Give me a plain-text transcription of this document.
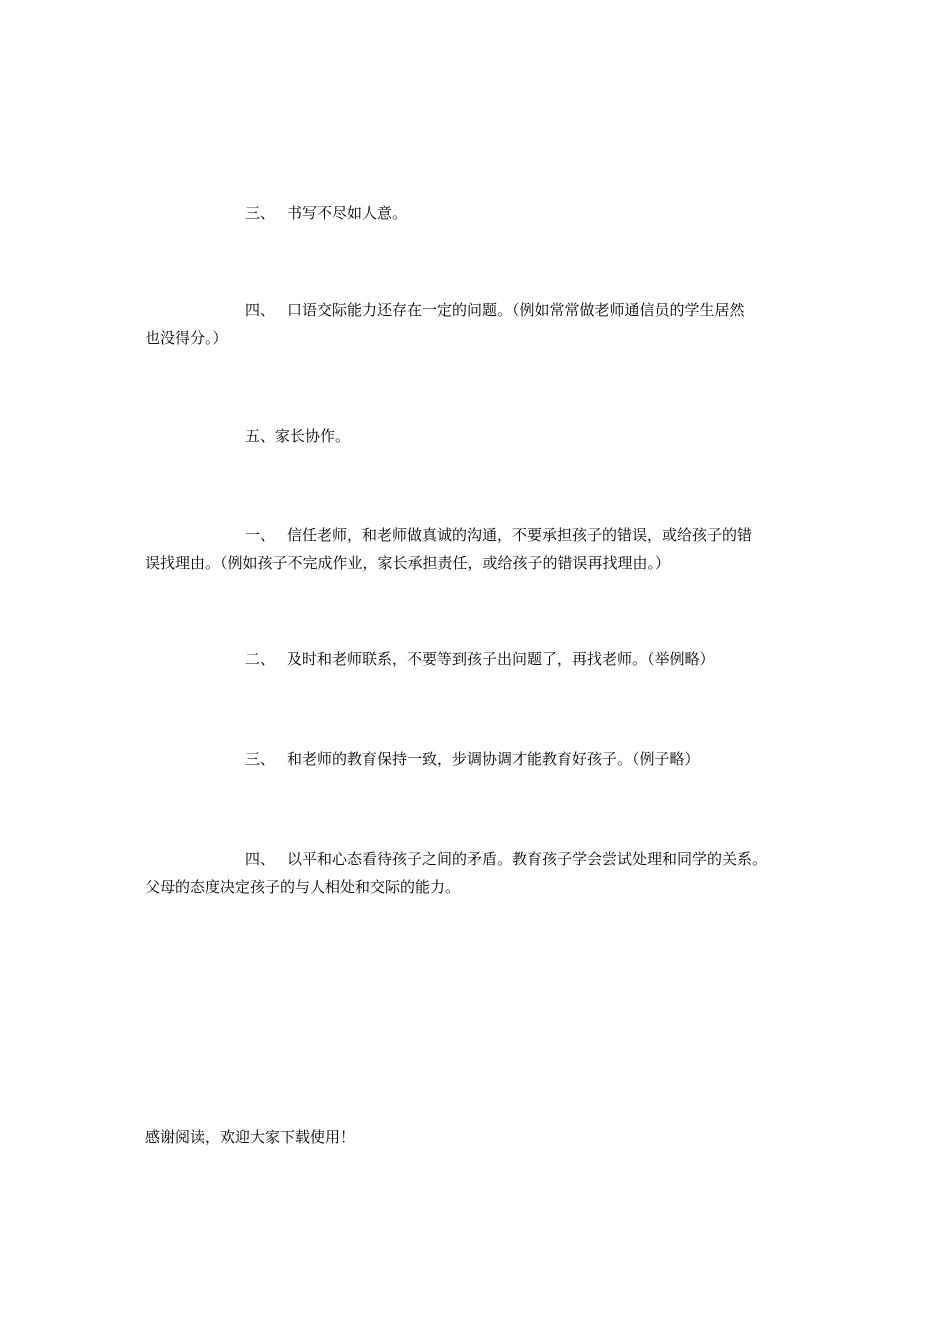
三、 书写不尽如人意。

四、 口语交际能力还存在一定的问题。（例如常常做老师通信员的学生居然
也没得分。）

五、家长协作。

一、 信任老师，和老师做真诚的沟通，不要承担孩子的错误，或给孩子的错
误找理由。（例如孩子不完成作业，家长承担责任，或给孩子的错误再找理由。）

二、 及时和老师联系，不要等到孩子出问题了，再找老师。（举例略）

三、 和老师的教育保持一致，步调协调才能教育好孩子。（例子略）

四、 以平和心态看待孩子之间的矛盾。教育孩子学会尝试处理和同学的关系。
父母的态度决定孩子的与人相处和交际的能力。

感谢阅读，欢迎大家下载使用！
